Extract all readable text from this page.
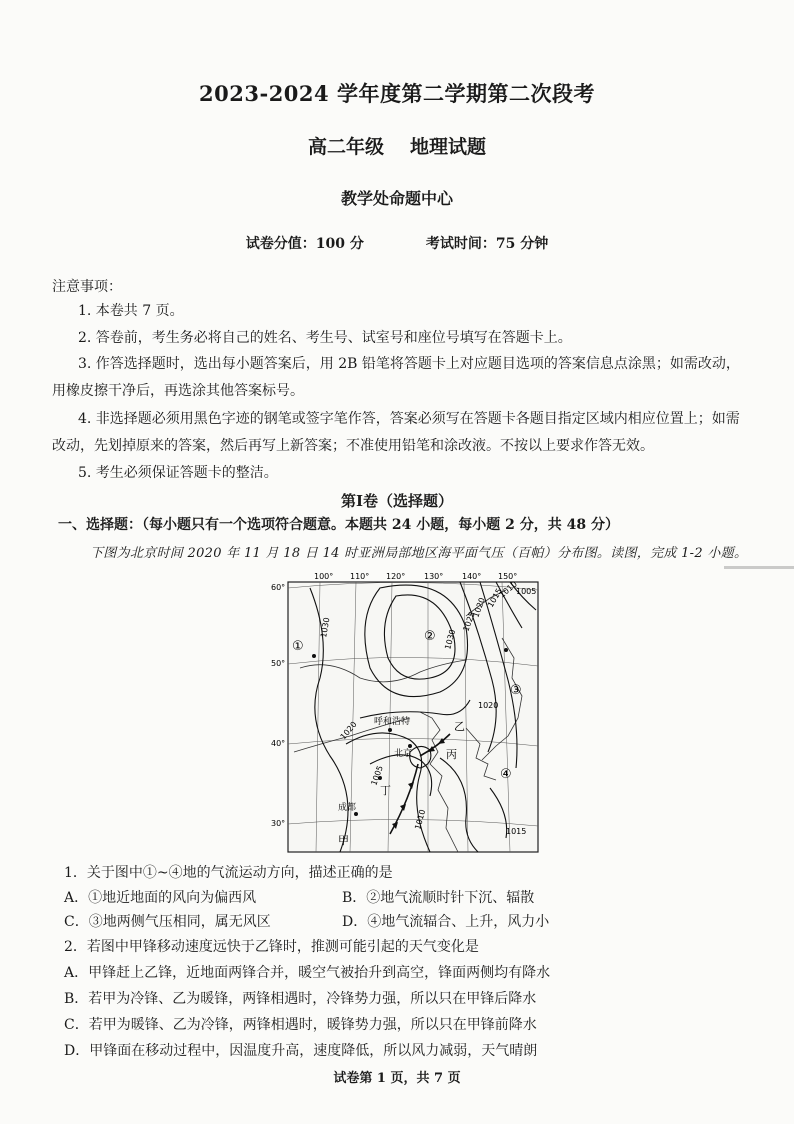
2023-2024 学年度第二学期第二次段考
高二年级 地理试题
教学处命题中心
试卷分值：100 分	考试时间：75 分钟
注意事项：
1. 本卷共 7 页。
2. 答卷前，考生务必将自己的姓名、考生号、试室号和座位号填写在答题卡上。
3. 作答选择题时，选出每小题答案后，用 2B 铅笔将答题卡上对应题目选项的答案信息点涂黑；如需改动，用橡皮擦干净后，再选涂其他答案标号。
4. 非选择题必须用黑色字迹的钢笔或签字笔作答，答案必须写在答题卡各题目指定区域内相应位置上；如需改动，先划掉原来的答案，然后再写上新答案；不准使用铅笔和涂改液。不按以上要求作答无效。
5. 考生必须保证答题卡的整洁。
第Ⅰ卷（选择题）
一、选择题：（每小题只有一个选项符合题意。本题共 24 小题，每小题 2 分，共 48 分）
下图为北京时间 2020 年 11 月 18 日 14 时亚洲局部地区海平面气压（百帕）分布图。读图，完成 1-2 小题。
100° 110° 120° 130° 140° 150°
60°
50°
40°
30°
1030
1030
1025
1020 1015
1010
1005
1020
1020
1005
1010
1015
呼和浩特
北京
成都
①
②
③
④
甲
乙
丙
丁
1．关于图中①~④地的气流运动方向，描述正确的是
A．①地近地面的风向为偏西风	B．②地气流顺时针下沉、辐散
C．③地两侧气压相同，属无风区	D．④地气流辐合、上升，风力小
2．若图中甲锋移动速度远快于乙锋时，推测可能引起的天气变化是
A．甲锋赶上乙锋，近地面两锋合并，暖空气被抬升到高空，锋面两侧均有降水
B．若甲为冷锋、乙为暖锋，两锋相遇时，冷锋势力强，所以只在甲锋后降水
C．若甲为暖锋、乙为冷锋，两锋相遇时，暖锋势力强，所以只在甲锋前降水
D．甲锋面在移动过程中，因温度升高，速度降低，所以风力减弱，天气晴朗
试卷第 1 页，共 7 页
